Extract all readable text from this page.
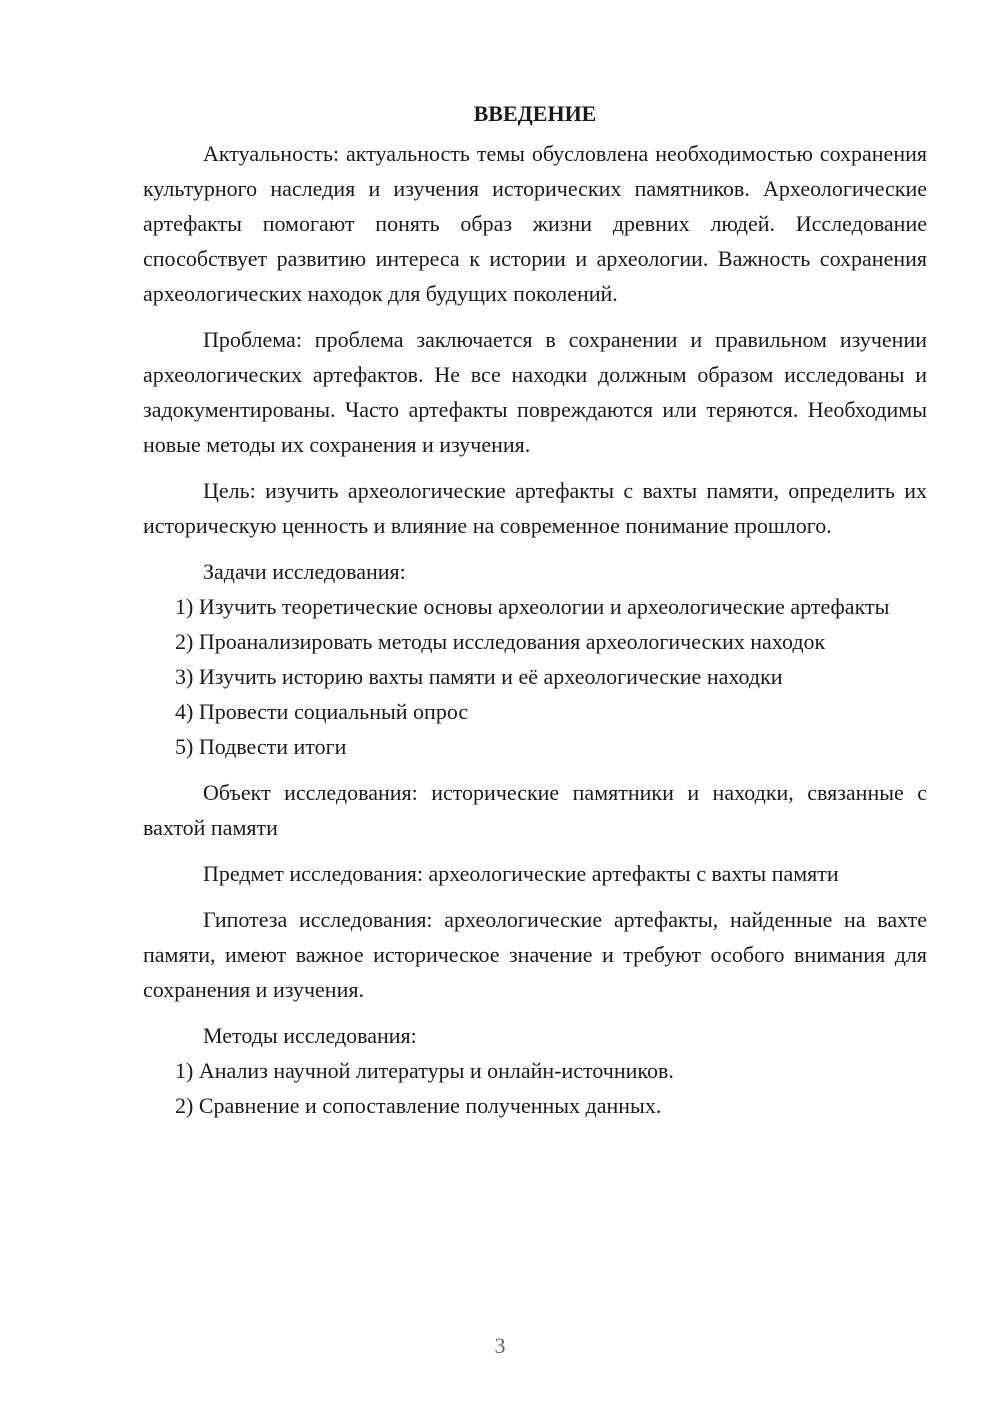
ВВЕДЕНИЕ

Актуальность: актуальность темы обусловлена необходимостью сохранения культурного наследия и изучения исторических памятников. Археологические артефакты помогают понять образ жизни древних людей. Исследование способствует развитию интереса к истории и археологии. Важность сохранения археологических находок для будущих поколений.

Проблема: проблема заключается в сохранении и правильном изучении археологических артефактов. Не все находки должным образом исследованы и задокументированы. Часто артефакты повреждаются или теряются. Необходимы новые методы их сохранения и изучения.

Цель: изучить археологические артефакты с вахты памяти, определить их историческую ценность и влияние на современное понимание прошлого.

Задачи исследования:

1) Изучить теоретические основы археологии и археологические артефакты

2) Проанализировать методы исследования археологических находок

3) Изучить историю вахты памяти и её археологические находки

4) Провести социальный опрос

5) Подвести итоги

Объект исследования: исторические памятники и находки, связанные с вахтой памяти

Предмет исследования: археологические артефакты с вахты памяти

Гипотеза исследования: археологические артефакты, найденные на вахте памяти, имеют важное историческое значение и требуют особого внимания для сохранения и изучения.

Методы исследования:

1) Анализ научной литературы и онлайн-источников.

2) Сравнение и сопоставление полученных данных.

3
